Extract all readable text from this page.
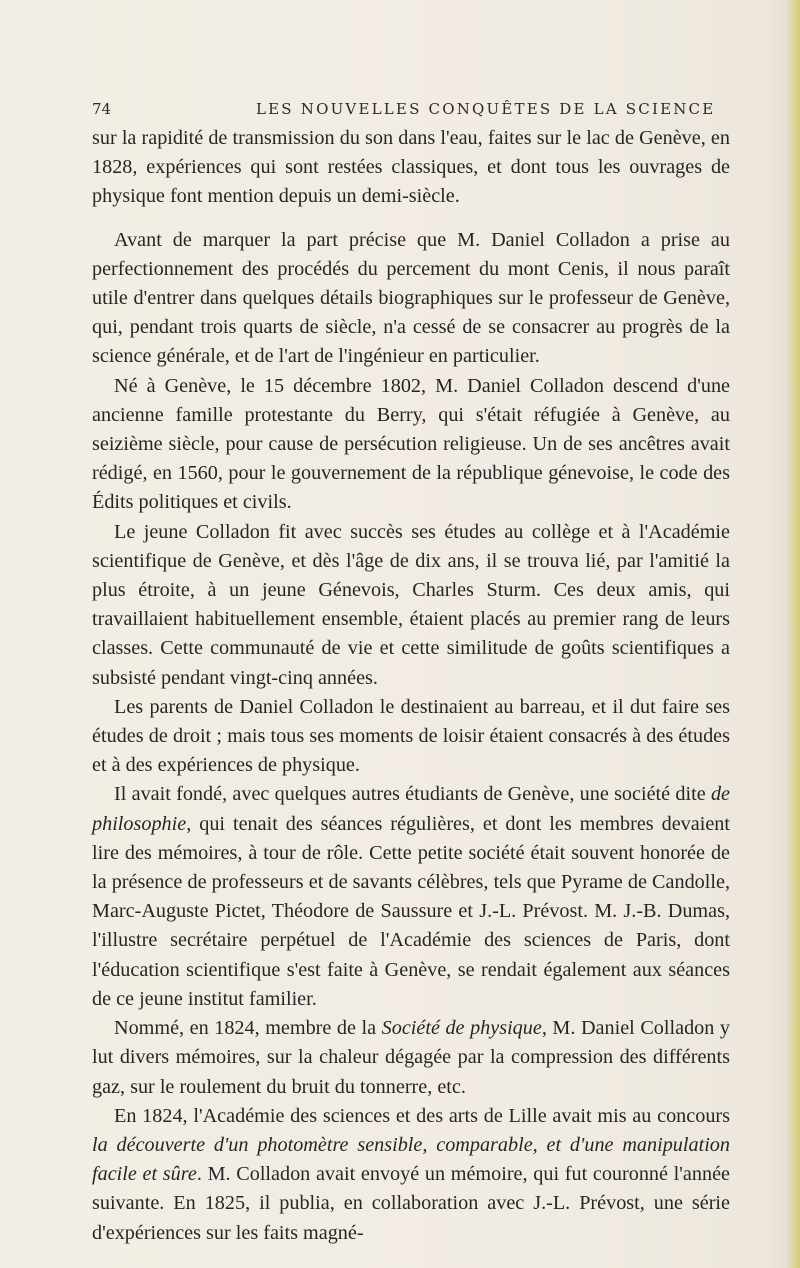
74	LES NOUVELLES CONQUÊTES DE LA SCIENCE

sur la rapidité de transmission du son dans l'eau, faites sur le lac de Genève, en 1828, expériences qui sont restées classiques, et dont tous les ouvrages de physique font mention depuis un demi-siècle.

Avant de marquer la part précise que M. Daniel Colladon a prise au perfectionnement des procédés du percement du mont Cenis, il nous paraît utile d'entrer dans quelques détails biographiques sur le professeur de Genève, qui, pendant trois quarts de siècle, n'a cessé de se consacrer au progrès de la science générale, et de l'art de l'ingénieur en particulier.

Né à Genève, le 15 décembre 1802, M. Daniel Colladon descend d'une ancienne famille protestante du Berry, qui s'était réfugiée à Genève, au seizième siècle, pour cause de persécution religieuse. Un de ses ancêtres avait rédigé, en 1560, pour le gouvernement de la république génevoise, le code des Édits politiques et civils.

Le jeune Colladon fit avec succès ses études au collège et à l'Académie scientifique de Genève, et dès l'âge de dix ans, il se trouva lié, par l'amitié la plus étroite, à un jeune Génevois, Charles Sturm. Ces deux amis, qui travaillaient habituellement ensemble, étaient placés au premier rang de leurs classes. Cette communauté de vie et cette similitude de goûts scientifiques a subsisté pendant vingt-cinq années.

Les parents de Daniel Colladon le destinaient au barreau, et il dut faire ses études de droit ; mais tous ses moments de loisir étaient consacrés à des études et à des expériences de physique.

Il avait fondé, avec quelques autres étudiants de Genève, une société dite de philosophie, qui tenait des séances régulières, et dont les membres devaient lire des mémoires, à tour de rôle. Cette petite société était souvent honorée de la présence de professeurs et de savants célèbres, tels que Pyrame de Candolle, Marc-Auguste Pictet, Théodore de Saussure et J.-L. Prévost. M. J.-B. Dumas, l'illustre secrétaire perpétuel de l'Académie des sciences de Paris, dont l'éducation scientifique s'est faite à Genève, se rendait également aux séances de ce jeune institut familier.

Nommé, en 1824, membre de la Société de physique, M. Daniel Colladon y lut divers mémoires, sur la chaleur dégagée par la compression des différents gaz, sur le roulement du bruit du tonnerre, etc.

En 1824, l'Académie des sciences et des arts de Lille avait mis au concours la découverte d'un photomètre sensible, comparable, et d'une manipulation facile et sûre. M. Colladon avait envoyé un mémoire, qui fut couronné l'année suivante. En 1825, il publia, en collaboration avec J.-L. Prévost, une série d'expériences sur les faits magné-
